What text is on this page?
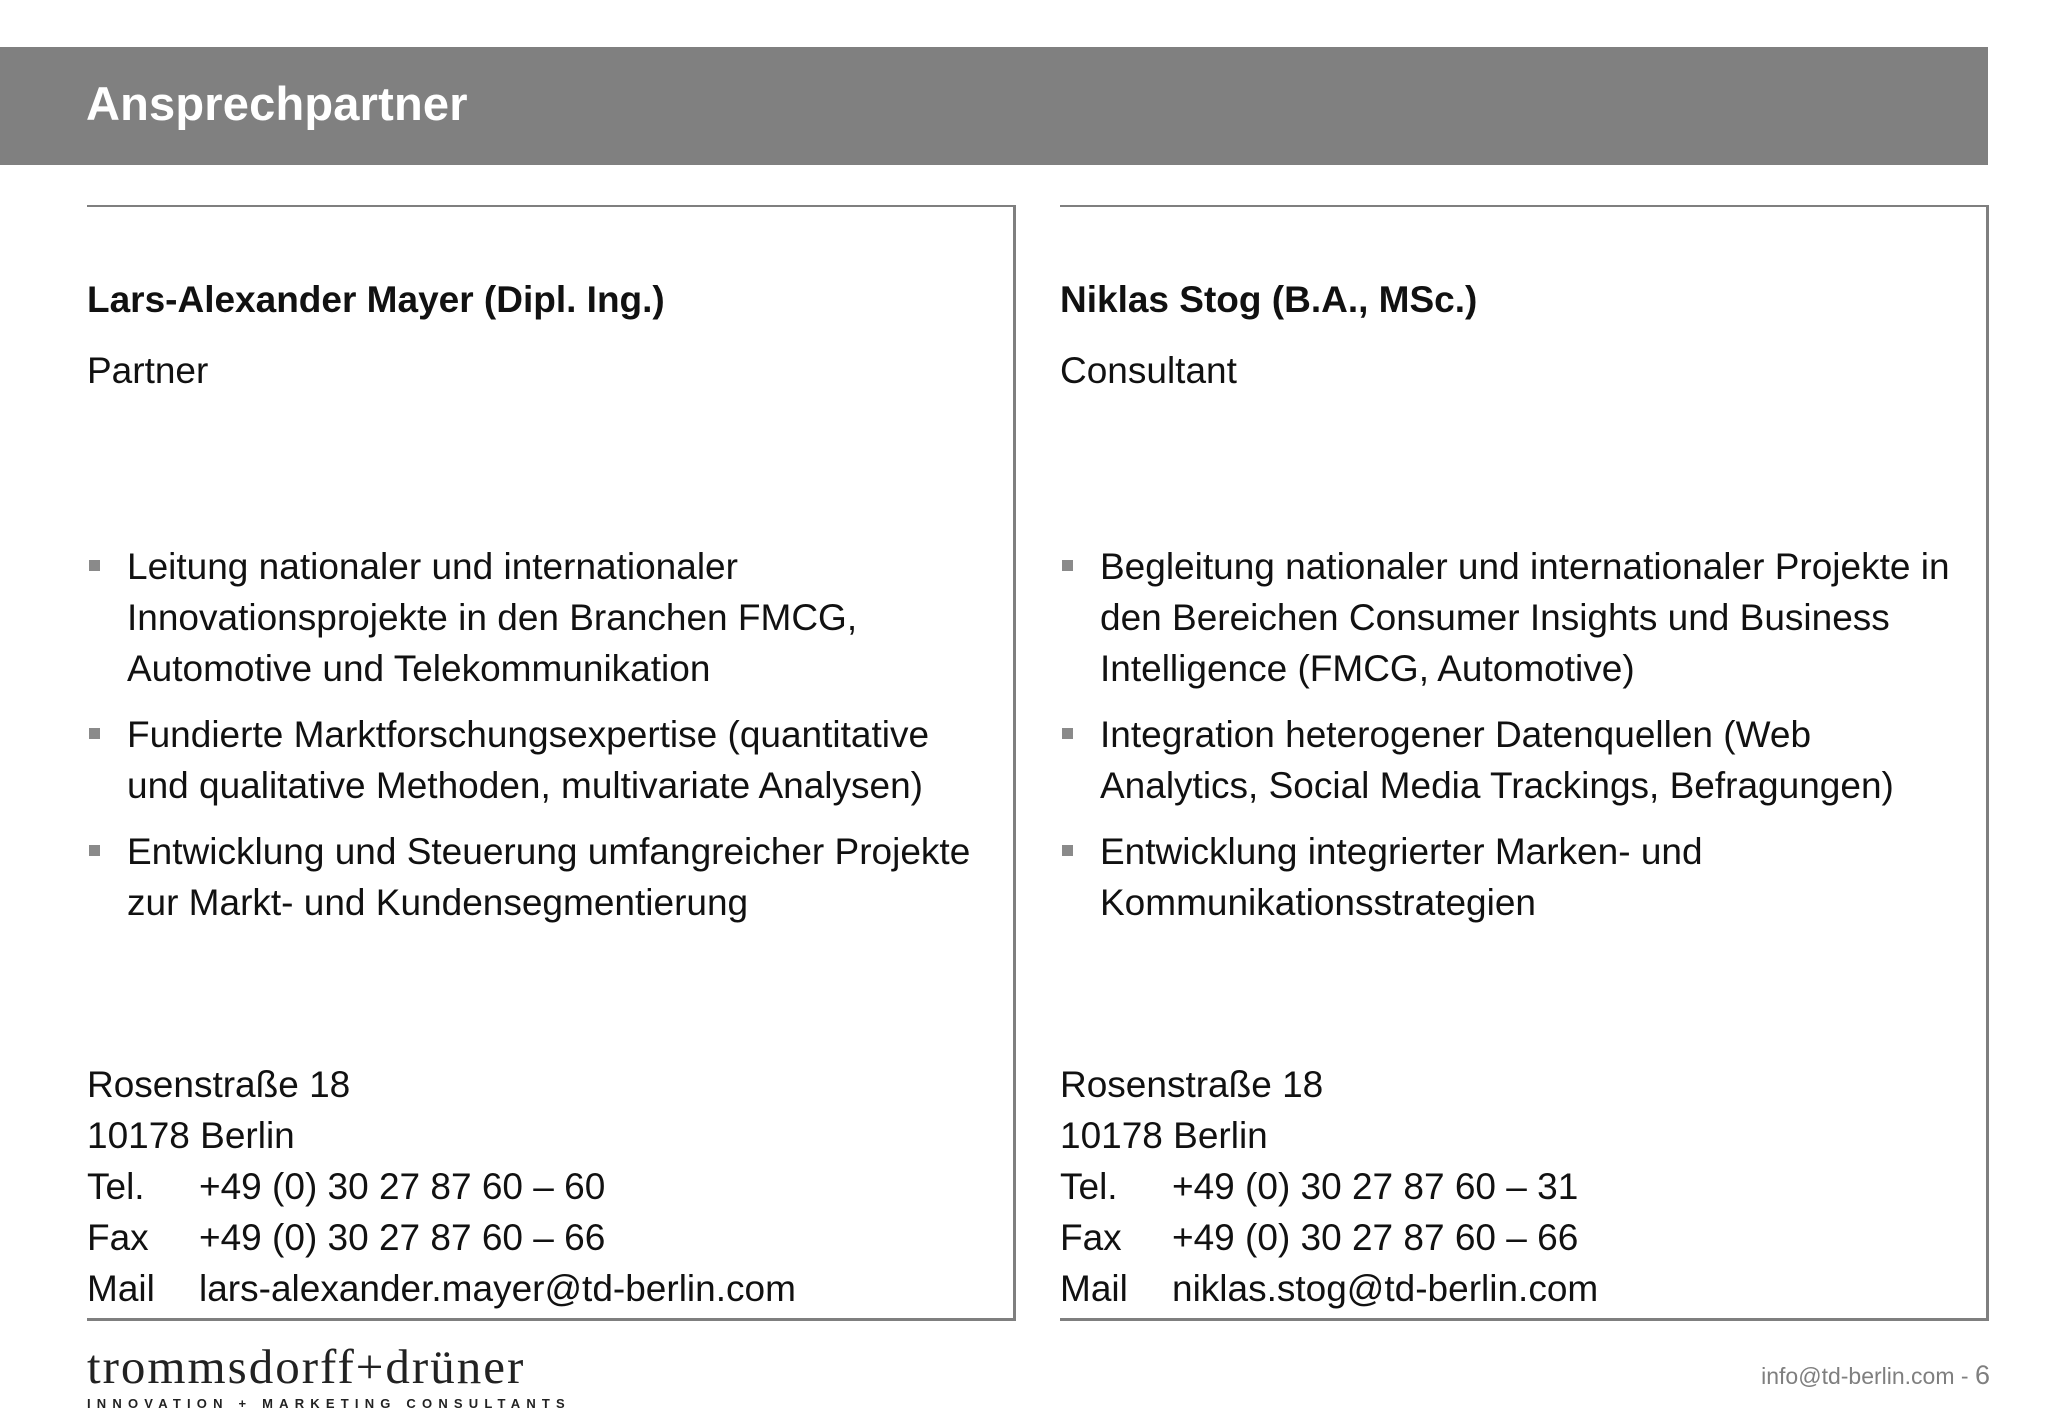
Ansprechpartner
Lars-Alexander Mayer (Dipl. Ing.)
Partner
Leitung nationaler und internationaler Innovationsprojekte in den Branchen FMCG, Automotive und Telekommunikation
Fundierte Marktforschungsexpertise (quantitative und qualitative Methoden, multivariate Analysen)
Entwicklung und Steuerung umfangreicher Projekte zur Markt- und Kundensegmentierung
Rosenstraße 18
10178 Berlin
Tel. +49 (0) 30 27 87 60 – 60
Fax +49 (0) 30 27 87 60 – 66
Mail lars-alexander.mayer@td-berlin.com
Niklas Stog (B.A., MSc.)
Consultant
Begleitung nationaler und internationaler Projekte in den Bereichen Consumer Insights und Business Intelligence (FMCG, Automotive)
Integration heterogener Datenquellen (Web Analytics, Social Media Trackings, Befragungen)
Entwicklung integrierter Marken- und Kommunikationsstrategien
Rosenstraße 18
10178 Berlin
Tel. +49 (0) 30 27 87 60 – 31
Fax +49 (0) 30 27 87 60 – 66
Mail niklas.stog@td-berlin.com
trommsdorff+drüner
INNOVATION + MARKETING CONSULTANTS
info@td-berlin.com - 6
